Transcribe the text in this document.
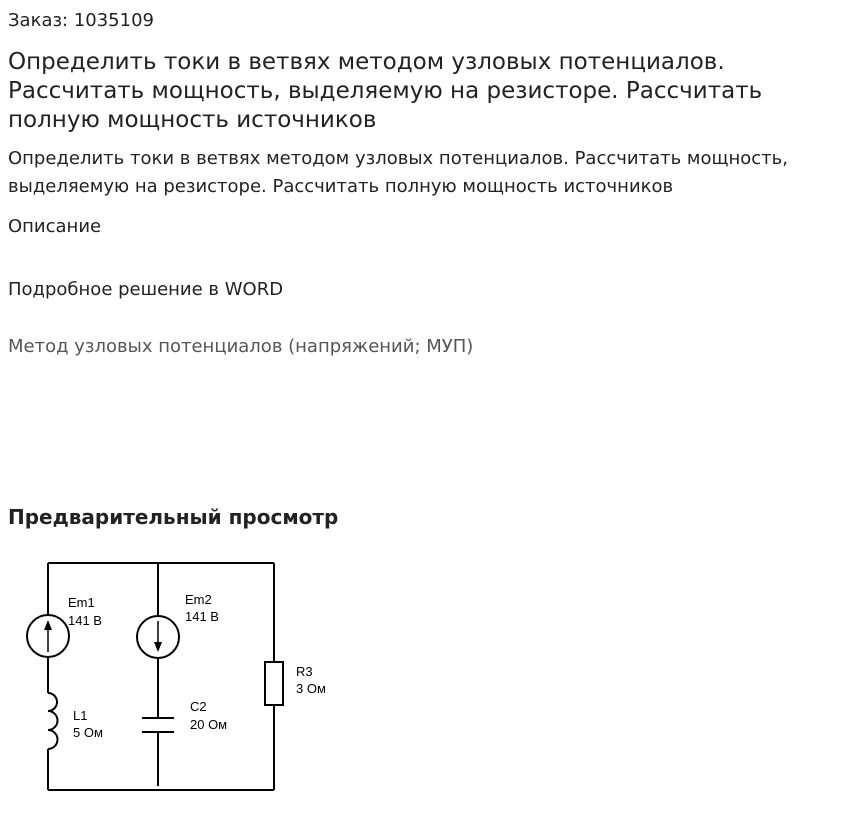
Заказ: 1035109
Определить токи в ветвях методом узловых потенциалов. Рассчитать мощность, выделяемую на резисторе. Рассчитать полную мощность источников
Определить токи в ветвях методом узловых потенциалов. Рассчитать мощность, выделяемую на резисторе. Рассчитать полную мощность источников
Описание
Подробное решение в WORD
Метод узловых потенциалов (напряжений; МУП)
Предварительный просмотр
Em1
141 В
Em2
141 В
L1
5 Ом
C2
20 Ом
R3
3 Ом
